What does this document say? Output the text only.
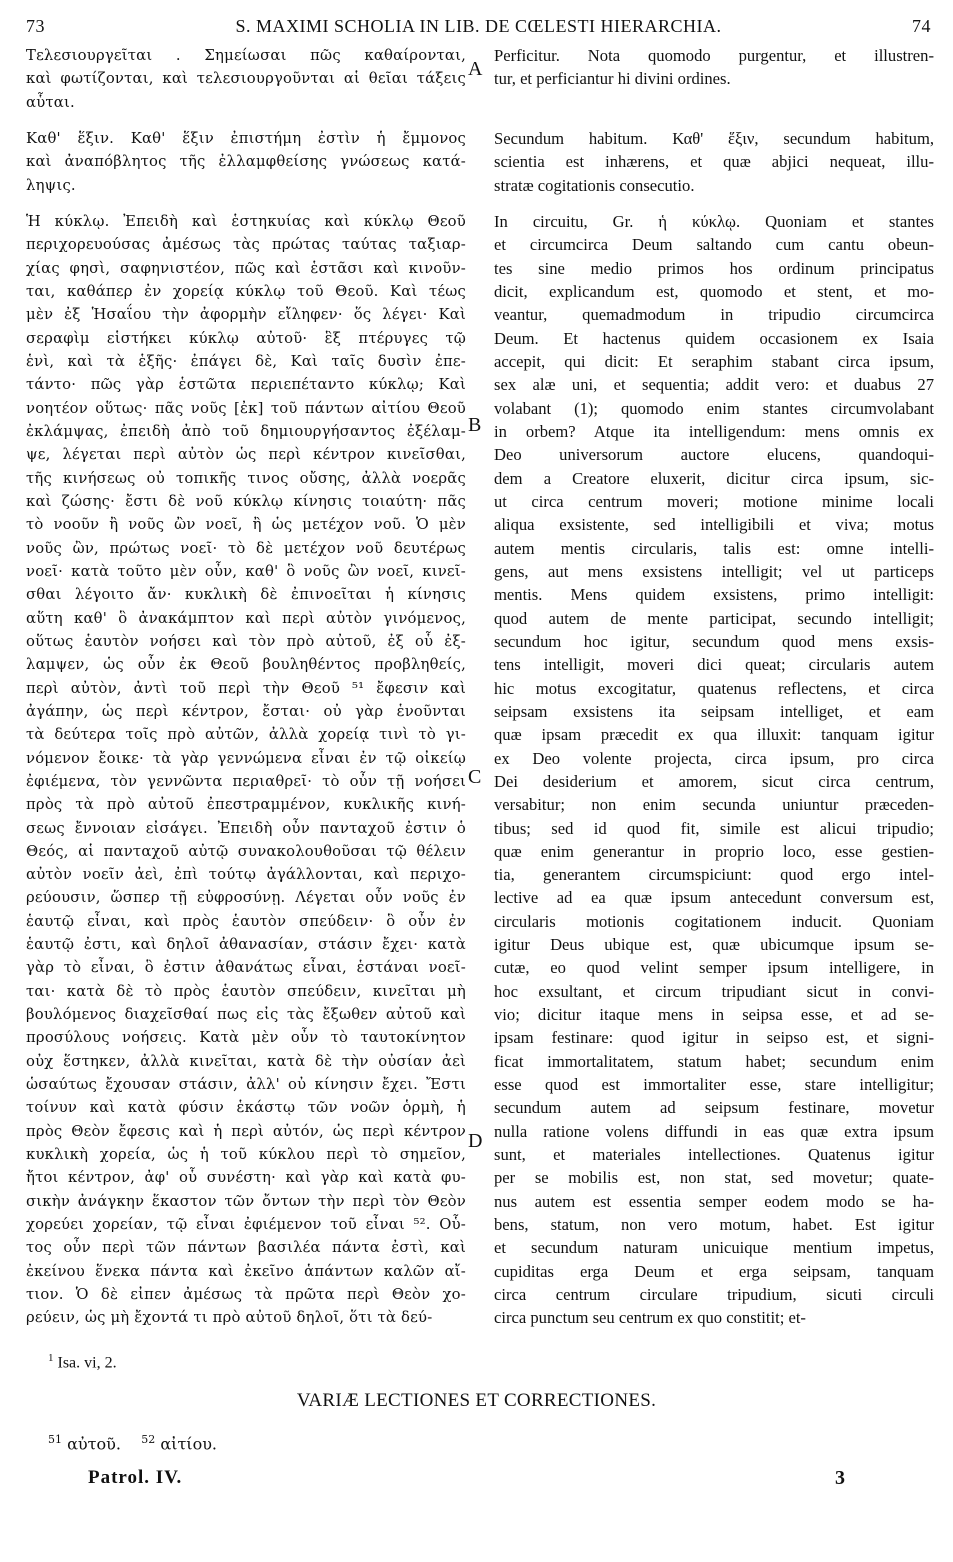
73	S. MAXIMI SCHOLIA IN LIB. DE CŒLESTI HIERARCHIA.	74
Τελεσιουργεῖται . Σημείωσαι πῶς καθαίρονται,
καὶ φωτίζονται, καὶ τελεσιουργοῦνται αἱ θεῖαι τάξεις
αὗται.
Καθ' ἕξιν. Καθ' ἕξιν ἐπιστήμη ἐστὶν ἡ ἔμμονος
καὶ ἀναπόβλητος τῆς ἐλλαμφθείσης γνώσεως κατά-
ληψις.
Ἡ κύκλῳ. Ἐπειδὴ καὶ ἑστηκυίας καὶ κύκλῳ Θεοῦ
περιχορευούσας ἀμέσως τὰς πρώτας ταύτας ταξιαρ-
χίας φησὶ, σαφηνιστέον, πῶς καὶ ἑστᾶσι καὶ κινοῦν-
ται, καθάπερ ἐν χορείᾳ κύκλῳ τοῦ Θεοῦ. Καὶ τέως
μὲν ἐξ Ἡσαΐου τὴν ἀφορμὴν εἴληφεν· ὅς λέγει· Καὶ
σεραφὶμ εἱστήκει κύκλῳ αὐτοῦ· ἓξ πτέρυγες τῷ
ἑνὶ, καὶ τὰ ἑξῆς· ἐπάγει δὲ, Καὶ ταῖς δυσὶν ἐπε-
τάντο· πῶς γὰρ ἑστῶτα περιεπέταντο κύκλῳ; Καὶ
νοητέον οὕτως· πᾶς νοῦς [ἐκ] τοῦ πάντων αἰτίου Θεοῦ
ἐκλάμψας, ἐπειδὴ ἀπὸ τοῦ δημιουργήσαντος ἐξέλαμ-
ψε, λέγεται περὶ αὐτὸν ὡς περὶ κέντρον κινεῖσθαι,
τῆς κινήσεως οὐ τοπικῆς τινος οὔσης, ἀλλὰ νοερᾶς
καὶ ζώσης· ἔστι δὲ νοῦ κύκλῳ κίνησις τοιαύτη· πᾶς
τὸ νοοῦν ἢ νοῦς ὢν νοεῖ, ἢ ὡς μετέχον νοῦ. Ὁ μὲν
νοῦς ὢν, πρώτως νοεῖ· τὸ δὲ μετέχον νοῦ δευτέρως
νοεῖ· κατὰ τοῦτο μὲν οὖν, καθ' ὃ νοῦς ὢν νοεῖ, κινεῖ-
σθαι λέγοιτο ἄν· κυκλικὴ δὲ ἐπινοεῖται ἡ κίνησις
αὕτη καθ' ὃ ἀνακάμπτον καὶ περὶ αὐτὸν γινόμενος,
οὕτως ἑαυτὸν νοήσει καὶ τὸν πρὸ αὐτοῦ, ἐξ οὗ ἐξ-
λαμψεν, ὡς οὖν ἐκ Θεοῦ βουληθέντος προβληθείς,
περὶ αὐτὸν, ἀντὶ τοῦ περὶ τὴν Θεοῦ ⁵¹ ἔφεσιν καὶ
ἀγάπην, ὡς περὶ κέντρον, ἔσται· οὐ γὰρ ἑνοῦνται
τὰ δεύτερα τοῖς πρὸ αὐτῶν, ἀλλὰ χορείᾳ τινὶ τὸ γι-
νόμενον ἔοικε· τὰ γὰρ γεννώμενα εἶναι ἐν τῷ οἰκείῳ
ἐφιέμενα, τὸν γεννῶντα περιαθρεῖ· τὸ οὖν τῇ νοήσει
πρὸς τὰ πρὸ αὐτοῦ ἐπεστραμμένον, κυκλικῆς κινή-
σεως ἔννοιαν εἰσάγει. Ἐπειδὴ οὖν πανταχοῦ ἐστιν ὁ
Θεός, αἱ πανταχοῦ αὐτῷ συνακολουθοῦσαι τῷ θέλειν
αὐτὸν νοεῖν ἀεὶ, ἐπὶ τούτῳ ἀγάλλονται, καὶ περιχο-
ρεύουσιν, ὥσπερ τῇ εὐφροσύνῃ. Λέγεται οὖν νοῦς ἐν
ἑαυτῷ εἶναι, καὶ πρὸς ἑαυτὸν σπεύδειν· ὃ οὖν ἐν
ἑαυτῷ ἐστι, καὶ δηλοῖ ἀθανασίαν, στάσιν ἔχει· κατὰ
γὰρ τὸ εἶναι, ὃ ἐστιν ἀθανάτως εἶναι, ἑστάναι νοεῖ-
ται· κατὰ δὲ τὸ πρὸς ἑαυτὸν σπεύδειν, κινεῖται μὴ
βουλόμενος διαχεῖσθαί πως εἰς τὰς ἔξωθεν αὐτοῦ καὶ
προσύλους νοήσεις. Κατὰ μὲν οὖν τὸ ταυτοκίνητον
οὐχ ἕστηκεν, ἀλλὰ κινεῖται, κατὰ δὲ τὴν οὐσίαν ἀεὶ
ὡσαύτως ἔχουσαν στάσιν, ἀλλ' οὐ κίνησιν ἔχει. Ἔστι
τοίνυν καὶ κατὰ φύσιν ἑκάστῳ τῶν νοῶν ὁρμὴ, ἡ
πρὸς Θεὸν ἔφεσις καὶ ἡ περὶ αὐτόν, ὡς περὶ κέντρον
κυκλικὴ χορεία, ὡς ἡ τοῦ κύκλου περὶ τὸ σημεῖον,
ἤτοι κέντρον, ἀφ' οὗ συνέστη· καὶ γὰρ καὶ κατὰ φυ-
σικὴν ἀνάγκην ἕκαστον τῶν ὄντων τὴν περὶ τὸν Θεὸν
χορεύει χορείαν, τῷ εἶναι ἐφιέμενον τοῦ εἶναι ⁵². Οὗ-
τος οὖν περὶ τῶν πάντων βασιλέα πάντα ἐστὶ, καὶ
ἐκείνου ἕνεκα πάντα καὶ ἐκεῖνο ἁπάντων καλῶν αἴ-
τιον. Ὁ δὲ εἰπεν ἀμέσως τὰ πρῶτα περὶ Θεὸν χο-
ρεύειν, ὡς μὴ ἔχοντά τι πρὸ αὐτοῦ δηλοῖ, ὅτι τὰ δεύ-
Perficitur. Nota quomodo purgentur, et illustren-
tur, et perficiantur hi divini ordines.
Secundum habitum. Καθ' ἕξιν, secundum habitum,
scientia est inhærens, et quæ abjici nequeat, illu-
stratæ cogitationis consecutio.
In circuitu, Gr. ἡ κύκλῳ. Quoniam et stantes
et circumcirca Deum saltando cum cantu obeun-
tes sine medio primos hos ordinum principatus
dicit, explicandum est, quomodo et stent, et mo-
veantur, quemadmodum in tripudio circumcirca
Deum. Et hactenus quidem occasionem ex Isaia
accepit, qui dicit: Et seraphim stabant circa ipsum,
sex alæ uni, et sequentia; addit vero: et duabus 27
volabant (1); quomodo enim stantes circumvolabant
in orbem? Atque ita intelligendum: mens omnis ex
Deo universorum auctore elucens, quandoqui-
dem a Creatore eluxerit, dicitur circa ipsum, sic-
ut circa centrum moveri; motione minime locali
aliqua exsistente, sed intelligibili et viva; motus
autem mentis circularis, talis est: omne intelli-
gens, aut mens exsistens intelligit; vel ut particeps
mentis. Mens quidem exsistens, primo intelligit:
quod autem de mente participat, secundo intelligit;
secundum hoc igitur, secundum quod mens exsis-
tens intelligit, moveri dici queat; circularis autem
hic motus excogitatur, quatenus reflectens, et circa
seipsam exsistens ita seipsam intelliget, et eam
quæ ipsam præcedit ex qua illuxit: tanquam igitur
ex Deo volente projecta, circa ipsum, pro circa
Dei desiderium et amorem, sicut circa centrum,
versabitur; non enim secunda uniuntur præceden-
tibus; sed id quod fit, simile est alicui tripudio;
quæ enim generantur in proprio loco, esse gestien-
tia, generantem circumspiciunt: quod ergo intel-
lective ad ea quæ ipsum antecedunt conversum est,
circularis motionis cogitationem inducit. Quoniam
igitur Deus ubique est, quæ ubicumque ipsum se-
cutæ, eo quod velint semper ipsum intelligere, in
hoc exsultant, et circum tripudiant sicut in convi-
vio; dicitur itaque mens in seipsa esse, et ad se-
ipsam festinare: quod igitur in seipso est, et signi-
ficat immortalitatem, statum habet; secundum enim
esse quod est immortaliter esse, stare intelligitur;
secundum autem ad seipsum festinare, movetur
nulla ratione volens diffundi in eas quæ extra ipsum
sunt, et materiales intellectiones. Quatenus igitur
per se mobilis est, non stat, sed movetur; quate-
nus autem est essentia semper eodem modo se ha-
bens, statum, non vero motum, habet. Est igitur
et secundum naturam unicuique mentium impetus,
cupiditas erga Deum et erga seipsam, tanquam
circa centrum circulare tripudium, sicuti circuli
circa punctum seu centrum ex quo constitit; et-
A
B
C
D
$^1$ Isa. vi, 2.
VARIÆ LECTIONES ET CORRECTIONES.
$^{51}$ αὐτοῦ. $^{52}$ αἰτίου.
Patrol. IV.	3
